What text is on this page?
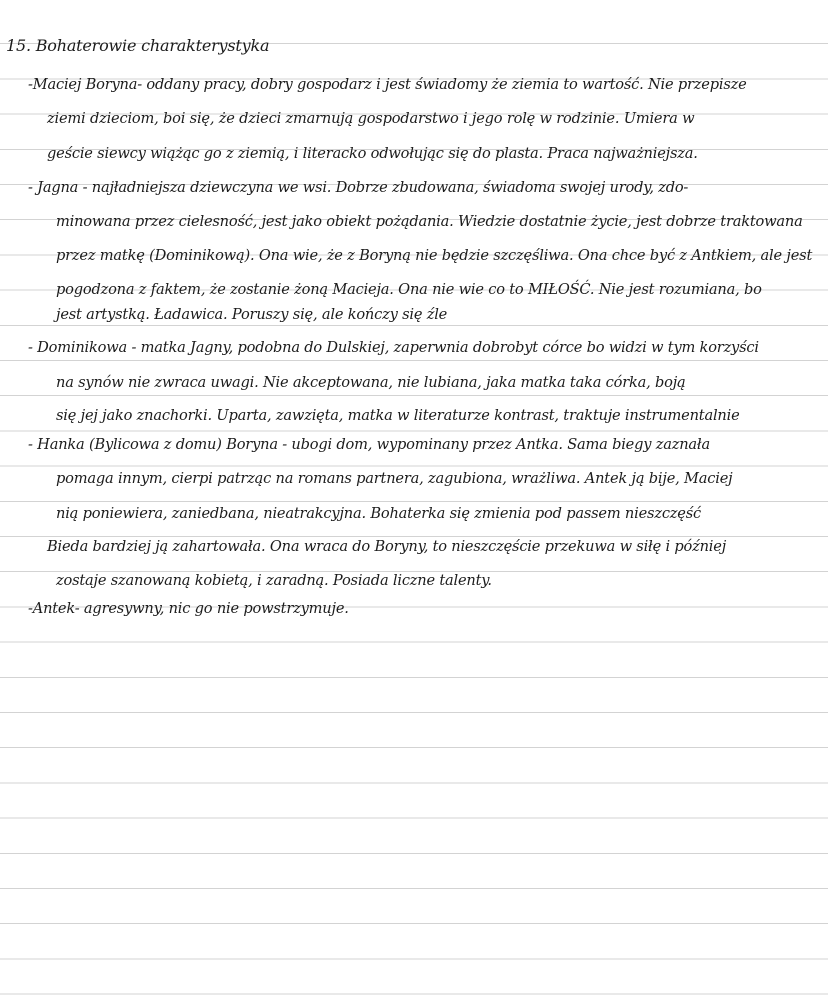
15. Bohaterowie charakterystyka
-Maciej Boryna- oddany pracy, dobry gospodarz i jest świadomy że ziemia to wartość. Nie przepisze
ziemi dzieciom, boi się, że dzieci zmarnują gospodarstwo i jego rolę w rodzinie. Umiera w
geście siewcy wiążąc go z ziemią, i literacko odwołując się do plasta. Praca najważniejsza.
- Jagna - najładniejsza dziewczyna we wsi. Dobrze zbudowana, świadoma swojej urody, zdo-
minowana przez cielesność, jest jako obiekt pożądania. Wiedzie dostatnie życie, jest dobrze traktowana
przez matkę (Dominikową). Ona wie, że z Boryną nie będzie szczęśliwa. Ona chce być z Antkiem, ale jest
pogodzona z faktem, że zostanie żoną Macieja. Ona nie wie co to MIŁOŚĆ. Nie jest rozumiana, bo
jest artystką. Ładawica. Poruszy się, ale kończy się źle
- Dominikowa - matka Jagny, podobna do Dulskiej, zaperwnia dobrobyt córce bo widzi w tym korzyści
na synów nie zwraca uwagi. Nie akceptowana, nie lubiana, jaka matka taka córka, boją
się jej jako znachorki. Uparta, zawzięta, matka w literaturze kontrast, traktuje instrumentalnie
- Hanka (Bylicowa z domu) Boryna - ubogi dom, wypominany przez Antka. Sama biegy zaznała
pomaga innym, cierpi patrząc na romans partnera, zagubiona, wrażliwa. Antek ją bije, Maciej
nią poniewiera, zaniedbana, nieatrakcyjna. Bohaterka się zmienia pod passem nieszczęść
Bieda bardziej ją zahartowała. Ona wraca do Boryny, to nieszczęście przekuwa w siłę i później
zostaje szanowaną kobietą, i zaradną. Posiada liczne talenty.
-Antek- agresywny, nic go nie powstrzymuje.
